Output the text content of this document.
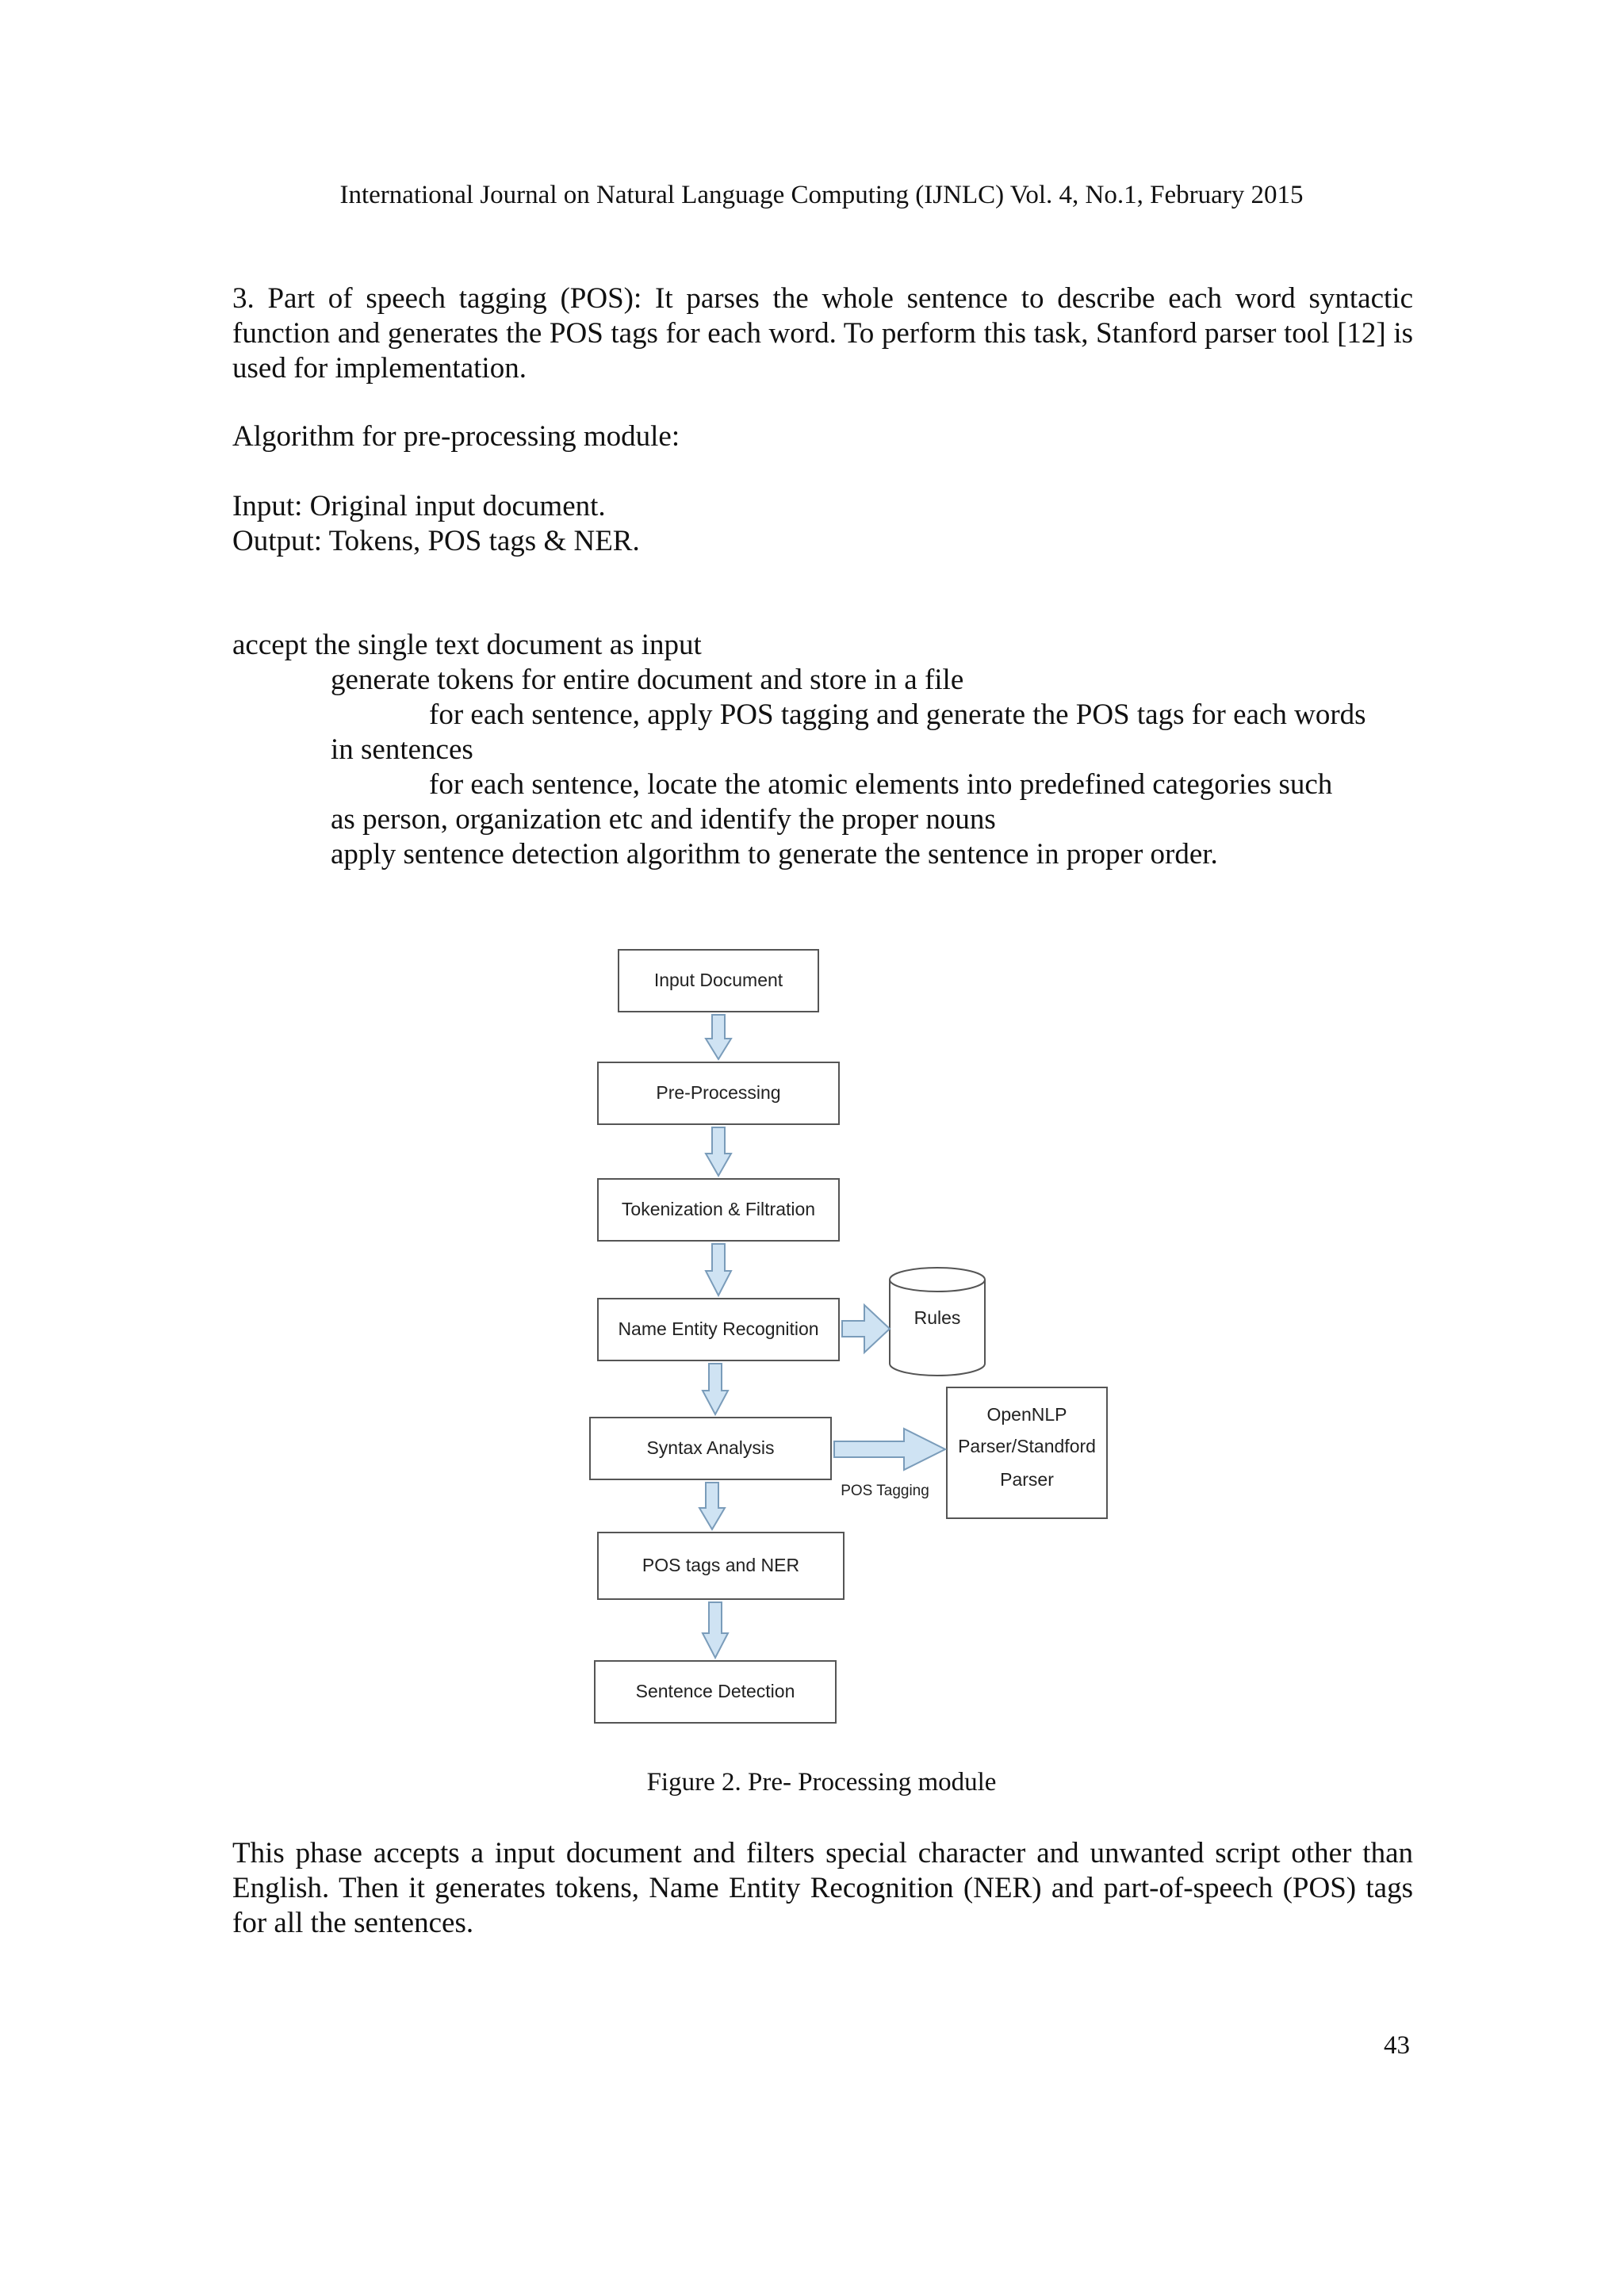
International Journal on Natural Language Computing (IJNLC) Vol. 4, No.1, February 2015
3. Part of speech tagging (POS): It parses the whole sentence to describe each word syntactic function and generates the POS tags for each word. To perform this task, Stanford parser tool [12] is used for implementation.
Algorithm for pre-processing module:
Input: Original input document.
Output: Tokens, POS tags & NER.
accept the single text document as input
generate tokens for entire document and store in a file
for each sentence, apply POS tagging and generate the POS tags for each words
in sentences
for each sentence, locate the atomic elements into predefined categories such
as person, organization etc and identify the proper nouns
apply sentence detection algorithm to generate the sentence in proper order.
Input Document
Pre-Processing
Tokenization & Filtration
Name Entity Recognition
Syntax Analysis
POS tags and NER
Sentence Detection
Rules
OpenNLP
Parser/Standford
Parser
POS Tagging
Figure 2. Pre- Processing module
This phase accepts a input document and filters special character and unwanted script other than English. Then it generates tokens, Name Entity Recognition (NER) and part-of-speech (POS) tags for all the sentences.
43
